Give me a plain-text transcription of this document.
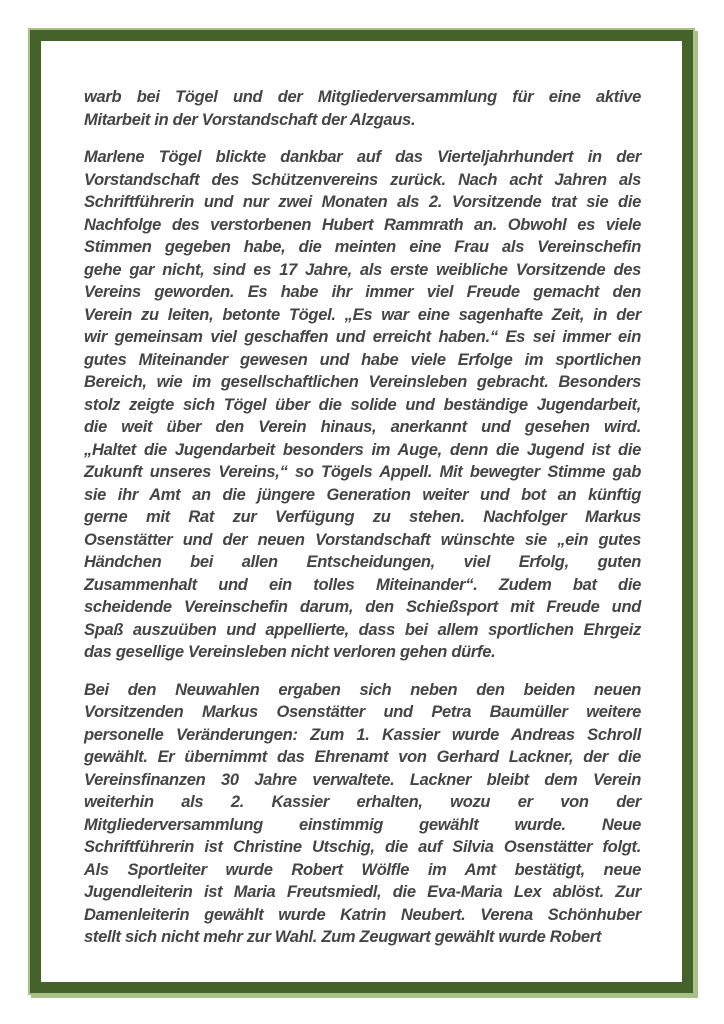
warb bei Tögel und der Mitgliederversammlung für eine aktive
Mitarbeit in der Vorstandschaft der Alzgaus.
Marlene Tögel blickte dankbar auf das Vierteljahrhundert in der
Vorstandschaft des Schützenvereins zurück. Nach acht Jahren als
Schriftführerin und nur zwei Monaten als 2. Vorsitzende trat sie die
Nachfolge des verstorbenen Hubert Rammrath an. Obwohl es viele
Stimmen gegeben habe, die meinten eine Frau als Vereinschefin
gehe gar nicht, sind es 17 Jahre, als erste weibliche Vorsitzende des
Vereins geworden. Es habe ihr immer viel Freude gemacht den
Verein zu leiten, betonte Tögel. „Es war eine sagenhafte Zeit, in der
wir gemeinsam viel geschaffen und erreicht haben.“ Es sei immer ein
gutes Miteinander gewesen und habe viele Erfolge im sportlichen
Bereich, wie im gesellschaftlichen Vereinsleben gebracht. Besonders
stolz zeigte sich Tögel über die solide und beständige Jugendarbeit,
die weit über den Verein hinaus, anerkannt und gesehen wird.
„Haltet die Jugendarbeit besonders im Auge, denn die Jugend ist die
Zukunft unseres Vereins,“ so Tögels Appell. Mit bewegter Stimme gab
sie ihr Amt an die jüngere Generation weiter und bot an künftig
gerne mit Rat zur Verfügung zu stehen. Nachfolger Markus
Osenstätter und der neuen Vorstandschaft wünschte sie „ein gutes
Händchen bei allen Entscheidungen, viel Erfolg, guten
Zusammenhalt und ein tolles Miteinander“. Zudem bat die
scheidende Vereinschefin darum, den Schießsport mit Freude und
Spaß auszuüben und appellierte, dass bei allem sportlichen Ehrgeiz
das gesellige Vereinsleben nicht verloren gehen dürfe.
Bei den Neuwahlen ergaben sich neben den beiden neuen
Vorsitzenden Markus Osenstätter und Petra Baumüller weitere
personelle Veränderungen: Zum 1. Kassier wurde Andreas Schroll
gewählt. Er übernimmt das Ehrenamt von Gerhard Lackner, der die
Vereinsfinanzen 30 Jahre verwaltete. Lackner bleibt dem Verein
weiterhin als 2. Kassier erhalten, wozu er von der
Mitgliederversammlung einstimmig gewählt wurde. Neue
Schriftführerin ist Christine Utschig, die auf Silvia Osenstätter folgt.
Als Sportleiter wurde Robert Wölfle im Amt bestätigt, neue
Jugendleiterin ist Maria Freutsmiedl, die Eva-Maria Lex ablöst. Zur
Damenleiterin gewählt wurde Katrin Neubert. Verena Schönhuber
stellt sich nicht mehr zur Wahl. Zum Zeugwart gewählt wurde Robert
